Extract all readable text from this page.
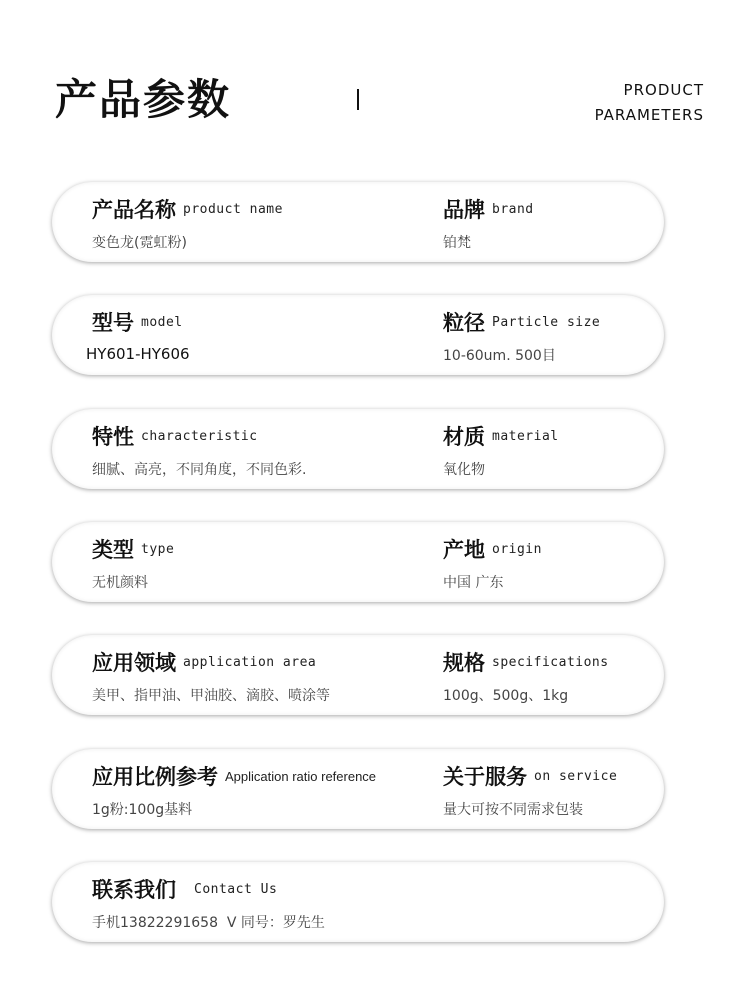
产品参数	PRODUCT
PARAMETERS
产品名称 product name
变色龙(霓虹粉)
品牌 brand
铂梵
型号 model
HY601-HY606
粒径 Particle size
10-60um. 500目
特性 characteristic
细腻、高亮，不同角度，不同色彩.
材质 material
氧化物
类型 type
无机颜料
产地 origin
中国 广东
应用领域 application area
美甲、指甲油、甲油胶、滴胶、喷涂等
规格 specifications
100g、500g、1kg
应用比例参考 Application ratio reference
1g粉:100g基料
关于服务 on service
量大可按不同需求包装
联系我们 Contact Us
手机13822291658  V 同号：罗先生
